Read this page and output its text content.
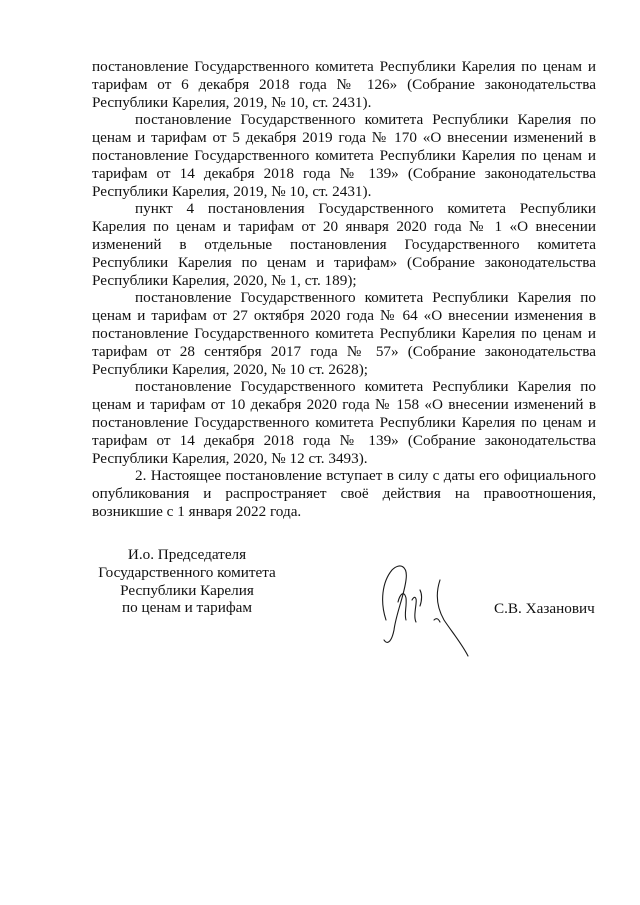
постановление Государственного комитета Республики Карелия по ценам и тарифам от 6 декабря 2018 года № 126» (Собрание законодательства Республики Карелия, 2019, № 10, ст. 2431).

постановление Государственного комитета Республики Карелия по ценам и тарифам от 5 декабря 2019 года № 170 «О внесении изменений в постановление Государственного комитета Республики Карелия по ценам и тарифам от 14 декабря 2018 года № 139» (Собрание законодательства Республики Карелия, 2019, № 10, ст. 2431).

пункт 4 постановления Государственного комитета Республики Карелия по ценам и тарифам от 20 января 2020 года № 1 «О внесении изменений в отдельные постановления Государственного комитета Республики Карелия по ценам и тарифам» (Собрание законодательства Республики Карелия, 2020, № 1, ст. 189);

постановление Государственного комитета Республики Карелия по ценам и тарифам от 27 октября 2020 года № 64 «О внесении изменения в постановление Государственного комитета Республики Карелия по ценам и тарифам от 28 сентября 2017 года № 57» (Собрание законодательства Республики Карелия, 2020, № 10 ст. 2628);

постановление Государственного комитета Республики Карелия по ценам и тарифам от 10 декабря 2020 года № 158 «О внесении изменений в постановление Государственного комитета Республики Карелия по ценам и тарифам от 14 декабря 2018 года № 139» (Собрание законодательства Республики Карелия, 2020, № 12 ст. 3493).

2. Настоящее постановление вступает в силу с даты его официального опубликования и распространяет своё действия на правоотношения, возникшие с 1 января 2022 года.

И.о. Председателя
Государственного комитета
Республики Карелия
по ценам и тарифам	С.В. Хазанович
